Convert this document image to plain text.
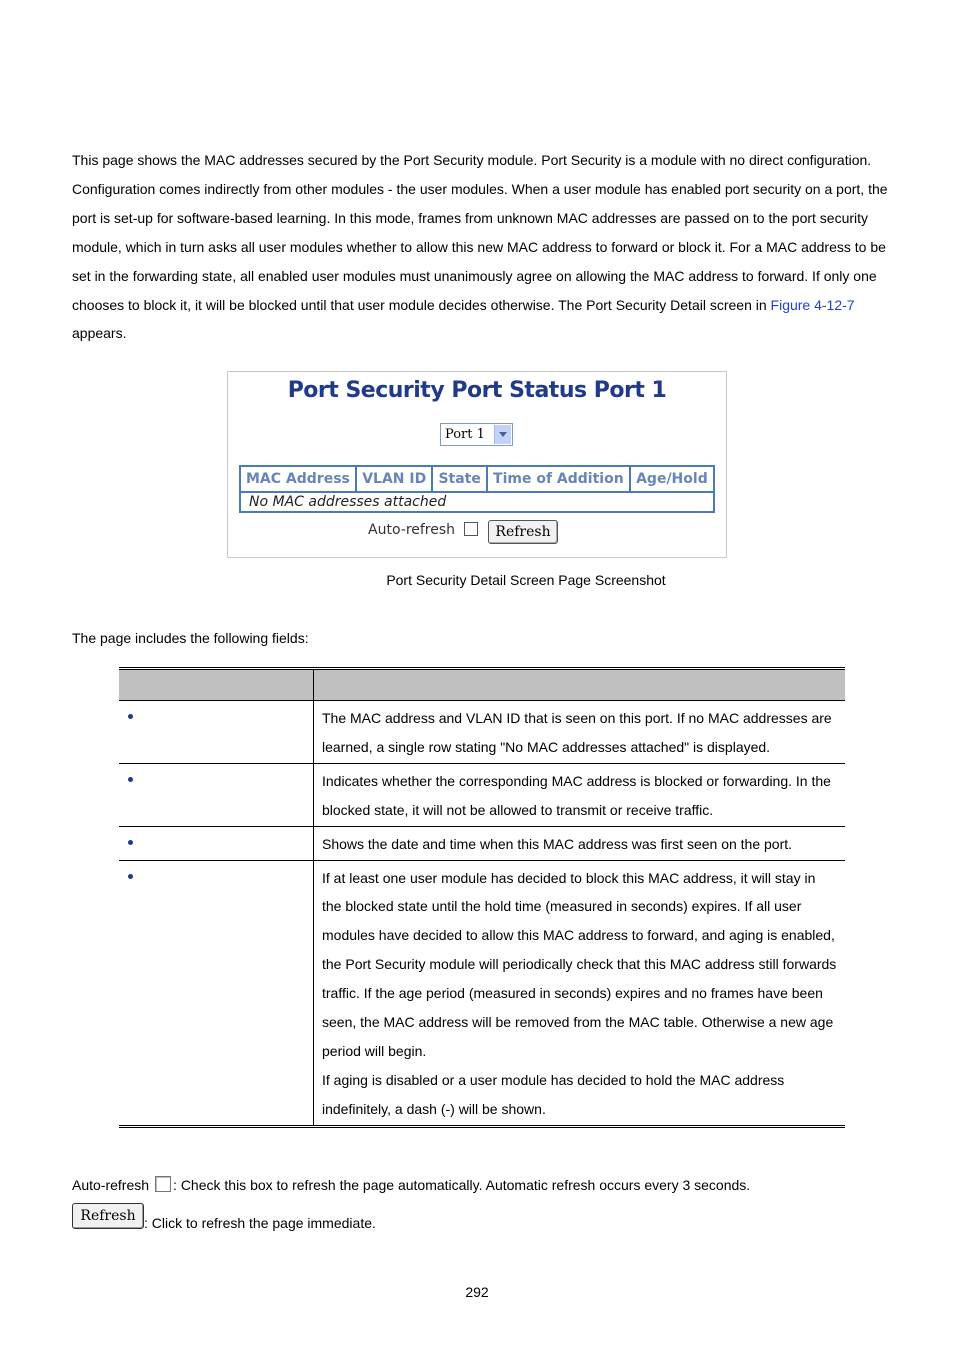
This page shows the MAC addresses secured by the Port Security module. Port Security is a module with no direct configuration. Configuration comes indirectly from other modules - the user modules. When a user module has enabled port security on a port, the port is set-up for software-based learning. In this mode, frames from unknown MAC addresses are passed on to the port security module, which in turn asks all user modules whether to allow this new MAC address to forward or block it. For a MAC address to be set in the forwarding state, all enabled user modules must unanimously agree on allowing the MAC address to forward. If only one chooses to block it, it will be blocked until that user module decides otherwise. The Port Security Detail screen in Figure 4-12-7 appears.

Port Security Port Status Port 1
Port 1
MAC Address	VLAN ID	State	Time of Addition	Age/Hold
No MAC addresses attached
Auto-refresh	Refresh
Port Security Detail Screen Page Screenshot
The page includes the following fields:

	The MAC address and VLAN ID that is seen on this port. If no MAC addresses are learned, a single row stating "No MAC addresses attached" is displayed.

	Indicates whether the corresponding MAC address is blocked or forwarding. In the blocked state, it will not be allowed to transmit or receive traffic.

	Shows the date and time when this MAC address was first seen on the port.

	If at least one user module has decided to block this MAC address, it will stay in the blocked state until the hold time (measured in seconds) expires. If all user modules have decided to allow this MAC address to forward, and aging is enabled, the Port Security module will periodically check that this MAC address still forwards traffic. If the age period (measured in seconds) expires and no frames have been seen, the MAC address will be removed from the MAC table. Otherwise a new age period will begin.
If aging is disabled or a user module has decided to hold the MAC address indefinitely, a dash (-) will be shown.
Auto-refresh : Check this box to refresh the page automatically. Automatic refresh occurs every 3 seconds.
Refresh : Click to refresh the page immediate.
292
